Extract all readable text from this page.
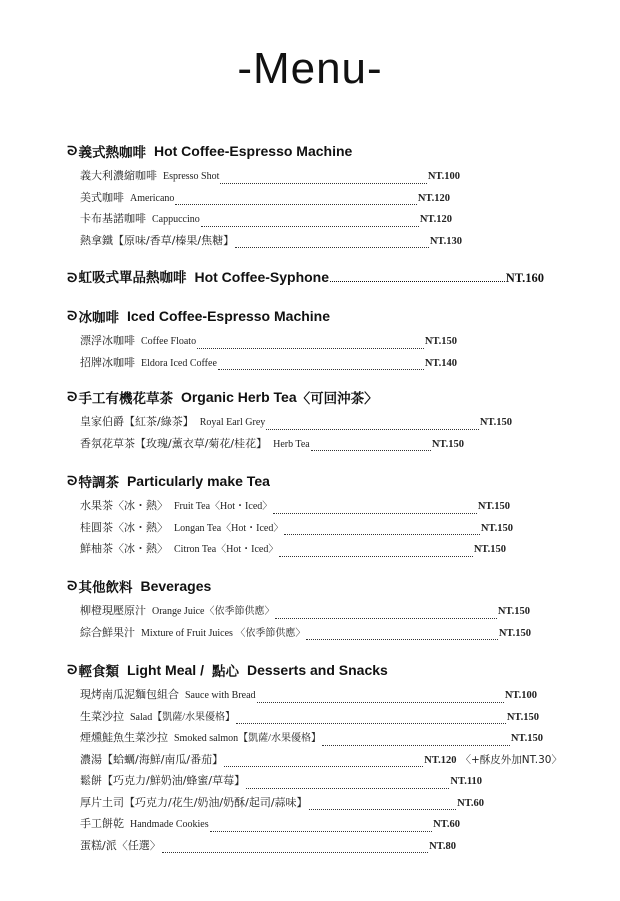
-Menu-
ᘐ 義式熱咖啡 Hot Coffee-Espresso Machine
義大利濃縮咖啡 Espresso Shot	NT.100
美式咖啡 Americano	NT.120
卡布基諾咖啡 Cappuccino	NT.120
熱拿鐵【原味/香草/榛果/焦糖】	NT.130
ᘐ 虹吸式單品熱咖啡 Hot Coffee-Syphone	NT.160
ᘐ 冰咖啡 Iced Coffee-Espresso Machine
漂浮冰咖啡 Coffee Floato	NT.150
招牌冰咖啡 Eldora Iced Coffee	NT.140
ᘐ 手工有機花草茶 Organic Herb Tea 〈可回沖茶〉
皇家伯爵【紅茶/綠茶】 Royal Earl Grey	NT.150
香氛花草茶【玫瑰/薰衣草/菊花/桂花】 Herb Tea	NT.150
ᘐ 特調茶 Particularly make Tea
水果茶〈冰・熱〉 Fruit Tea〈Hot・Iced〉	NT.150
桂圓茶〈冰・熱〉 Longan Tea〈Hot・Iced〉	NT.150
鮮柚茶〈冰・熱〉 Citron Tea〈Hot・Iced〉	NT.150
ᘐ 其他飲料 Beverages
柳橙現壓原汁 Orange Juice〈依季節供應〉	NT.150
綜合鮮果汁 Mixture of Fruit Juices 〈依季節供應〉	NT.150
ᘐ 輕食類 Light Meal / 點心 Desserts and Snacks
現烤南瓜泥麵包組合 Sauce with Bread	NT.100
生菜沙拉 Salad【凱薩/水果優格】	NT.150
煙燻鮭魚生菜沙拉 Smoked salmon【凱薩/水果優格】	NT.150
濃湯【蛤蠣/海鮮/南瓜/番茄】	NT.120 〈+酥皮外加NT.30〉
鬆餅【巧克力/鮮奶油/蜂蜜/草莓】	NT.110
厚片土司【巧克力/花生/奶油/奶酥/起司/蒜味】	NT.60
手工餅乾 Handmade Cookies	NT.60
蛋糕/派〈任選〉	NT.80
